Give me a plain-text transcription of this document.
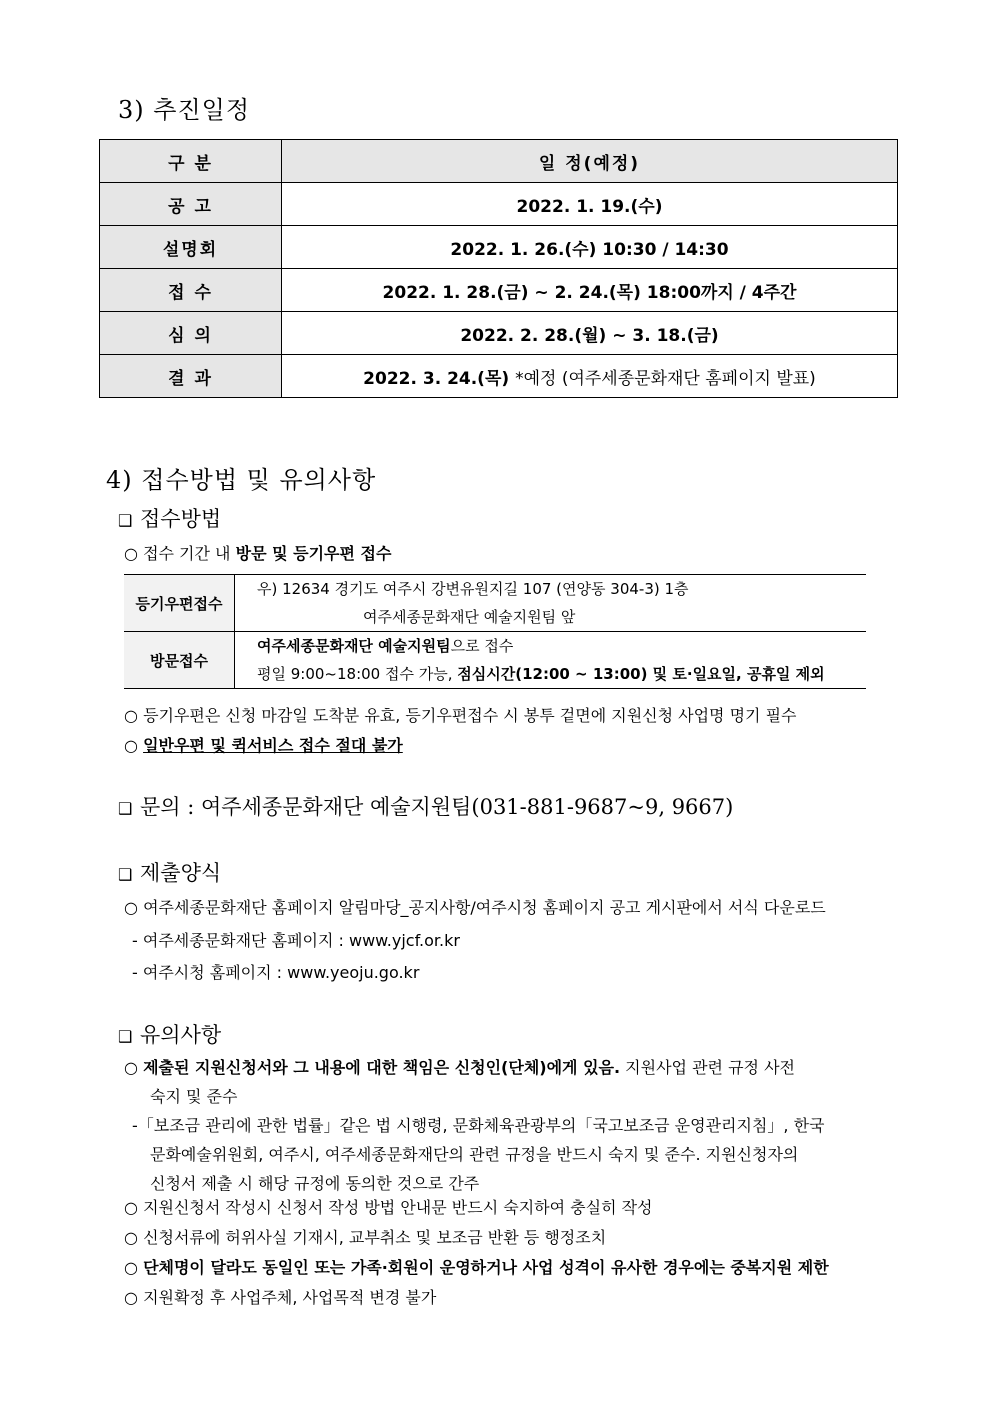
3) 추진일정
구 분	일 정(예정)
공 고	2022. 1. 19.(수)
설명회	2022. 1. 26.(수) 10:30 / 14:30
접 수	2022. 1. 28.(금) ~ 2. 24.(목) 18:00까지 / 4주간
심 의	2022. 2. 28.(월) ~ 3. 18.(금)
결 과	2022. 3. 24.(목) *예정 (여주세종문화재단 홈페이지 발표)
4) 접수방법 및 유의사항
❑ 접수방법
○ 접수 기간 내 방문 및 등기우편 접수
등기우편접수	우) 12634 경기도 여주시 강변유원지길 107 (연양동 304-3) 1층
여주세종문화재단 예술지원팀 앞

방문접수	여주세종문화재단 예술지원팀으로 접수
평일 9:00~18:00 접수 가능, 점심시간(12:00 ~ 13:00) 및 토·일요일, 공휴일 제외
○ 등기우편은 신청 마감일 도착분 유효, 등기우편접수 시 봉투 겉면에 지원신청 사업명 명기 필수
○ 일반우편 및 퀵서비스 접수 절대 불가
❑ 문의 : 여주세종문화재단 예술지원팀(031-881-9687~9, 9667)
❑ 제출양식
○ 여주세종문화재단 홈페이지 알림마당_공지사항/여주시청 홈페이지 공고 게시판에서 서식 다운로드
- 여주세종문화재단 홈페이지 : www.yjcf.or.kr
- 여주시청 홈페이지 : www.yeoju.go.kr
❑ 유의사항
○ 제출된 지원신청서와 그 내용에 대한 책임은 신청인(단체)에게 있음. 지원사업 관련 규정 사전
숙지 및 준수
-「보조금 관리에 관한 법률」같은 법 시행령, 문화체육관광부의「국고보조금 운영관리지침」, 한국
문화예술위원회, 여주시, 여주세종문화재단의 관련 규정을 반드시 숙지 및 준수. 지원신청자의
신청서 제출 시 해당 규정에 동의한 것으로 간주
○ 지원신청서 작성시 신청서 작성 방법 안내문 반드시 숙지하여 충실히 작성
○ 신청서류에 허위사실 기재시, 교부취소 및 보조금 반환 등 행정조치
○ 단체명이 달라도 동일인 또는 가족·회원이 운영하거나 사업 성격이 유사한 경우에는 중복지원 제한
○ 지원확정 후 사업주체, 사업목적 변경 불가
